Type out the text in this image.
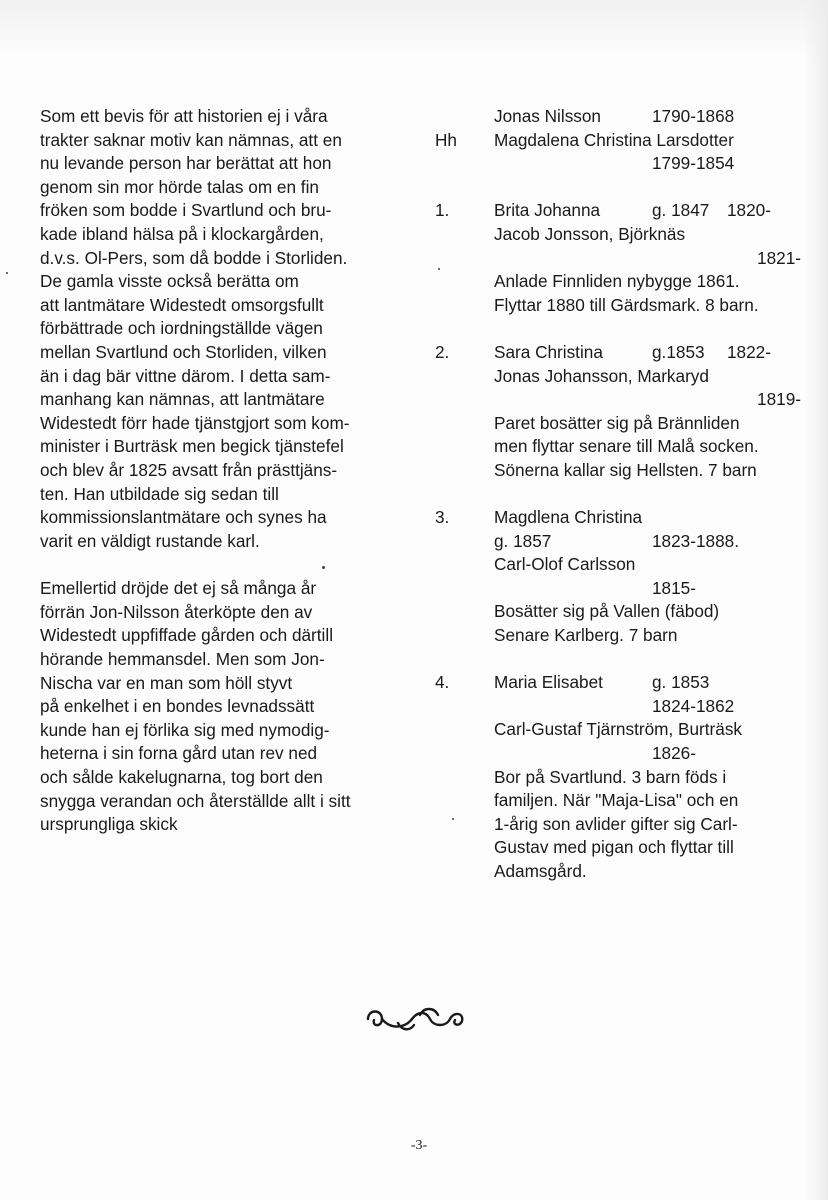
Som ett bevis för att historien ej i våra
trakter saknar motiv kan nämnas, att en
nu levande person har berättat att hon
genom sin mor hörde talas om en fin
fröken som bodde i Svartlund och bru-
kade ibland hälsa på i klockargården,
d.v.s. Ol-Pers, som då bodde i Storliden.
De gamla visste också berätta om
att lantmätare Widestedt omsorgsfullt
förbättrade och iordningställde vägen
mellan Svartlund och Storliden, vilken
än i dag bär vittne därom. I detta sam-
manhang kan nämnas, att lantmätare
Widestedt förr hade tjänstgjort som kom-
minister i Burträsk men begick tjänstefel
och blev år 1825 avsatt från prästtjäns-
ten. Han utbildade sig sedan till
kommissionslantmätare och synes ha
varit en väldigt rustande karl.

Emellertid dröjde det ej så många år
förrän Jon-Nilsson återköpte den av
Widestedt uppfiffade gården och därtill
hörande hemmansdel. Men som Jon-
Nischa var en man som höll styvt
på enkelhet i en bondes levnadssätt
kunde han ej förlika sig med nymodig-
heterna i sin forna gård utan rev ned
och sålde kakelugnarna, tog bort den
snygga verandan och återställde allt i sitt
ursprungliga skick

Jonas Nilsson	1790-1868
Hh	Magdalena Christina Larsdotter
1799-1854
1.	Brita Johanna	g. 1847 1820-
Jacob Jonsson, Björknäs
1821-
Anlade Finnliden nybygge 1861.
Flyttar 1880 till Gärdsmark. 8 barn.
2.	Sara Christina	g.1853 1822-
Jonas Johansson, Markaryd
1819-
Paret bosätter sig på Brännliden
men flyttar senare till Malå socken.
Sönerna kallar sig Hellsten. 7 barn
3.	Magdlena Christina
g. 1857	1823-1888.
Carl-Olof Carlsson
1815-
Bosätter sig på Vallen (fäbod)
Senare Karlberg. 7 barn
4.	Maria Elisabet	g. 1853
1824-1862
Carl-Gustaf Tjärnström, Burträsk
1826-
Bor på Svartlund. 3 barn föds i
familjen. När "Maja-Lisa" och en
1-årig son avlider gifter sig Carl-
Gustav med pigan och flyttar till
Adamsgård.
-3-
